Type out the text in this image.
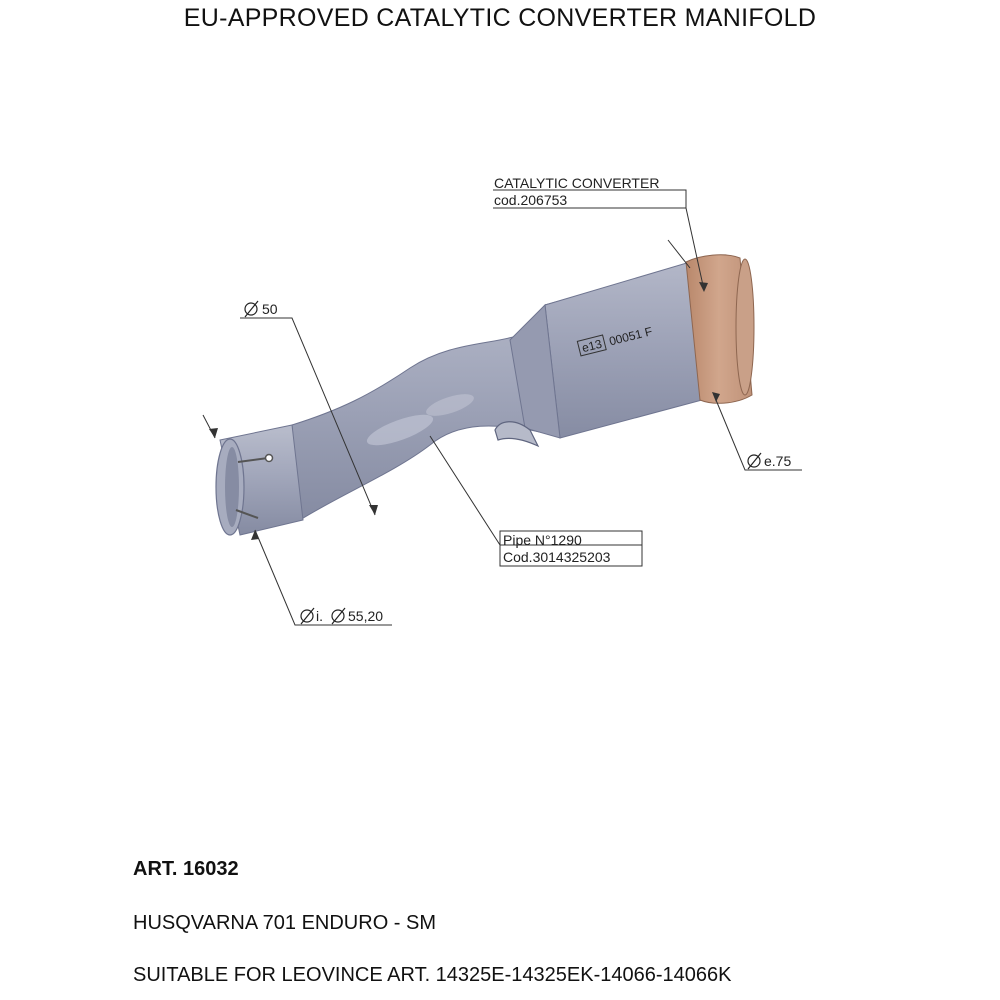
EU-APPROVED CATALYTIC CONVERTER MANIFOLD
e13 00051 F
CATALYTIC CONVERTER
cod.206753
50
e.75
Pipe N°1290
Cod.3014325203
i. 55,20
ART. 16032
HUSQVARNA 701 ENDURO - SM
SUITABLE FOR LEOVINCE ART. 14325E-14325EK-14066-14066K
